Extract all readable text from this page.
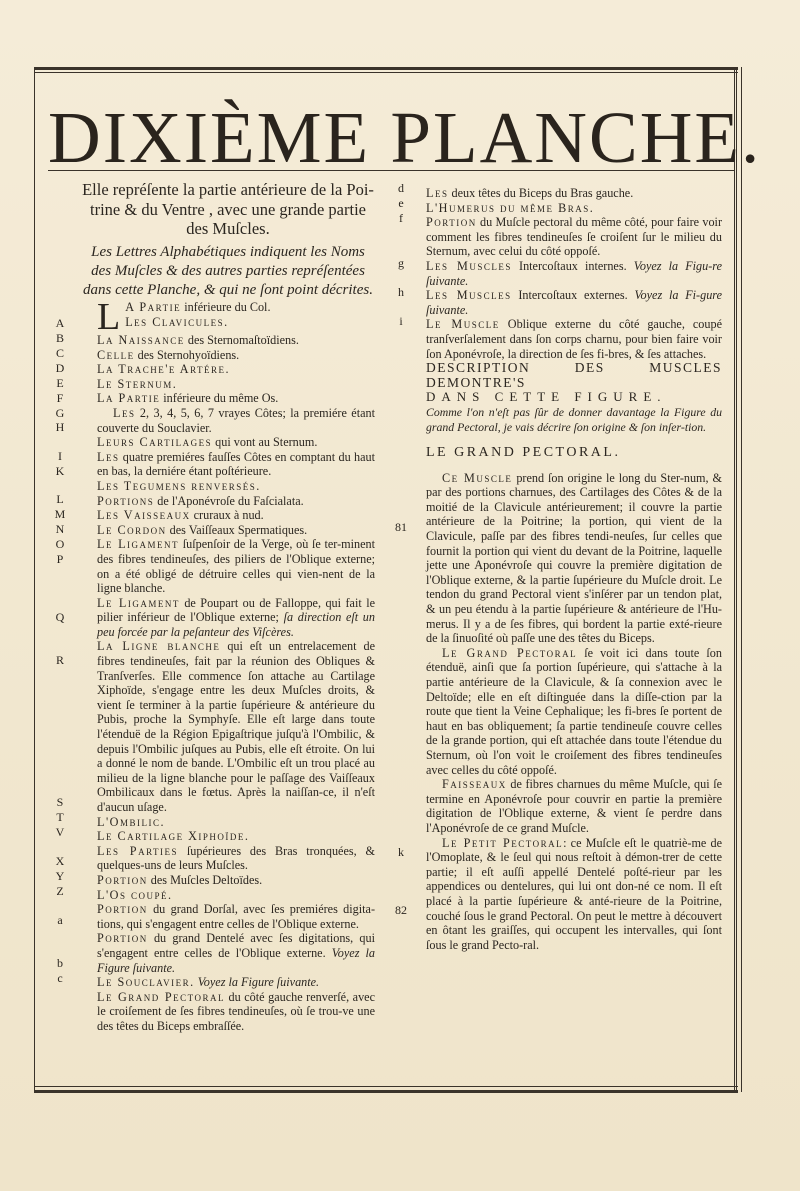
DIXIÈME PLANCHE.
Elle repréſente la partie antérieure de la Poi-trine & du Ventre , avec une grande partie des Muſcles.
Les Lettres Alphabétiques indiquent les Noms des Muſcles & des autres parties repréſentées dans cette Planche, & qui ne ſont point décrites.
A
B
C
D
E
F
G
H
I
K
L
M
N
O
P
Q
R
S
T
V
X
Y
Z
a
b
c
d
e
f
g
h
i
81
k
82

L A Partie inférieure du Col.

Les Clavicules.

La Naissance des Sternomaſtoïdiens.

Celle des Sternohyoïdiens.

La Trache'e Artére.

Le Sternum.

La Partie inférieure du même Os.

Les 2, 3, 4, 5, 6, 7 vrayes Côtes; la premiére étant couverte du Souclavier.

Leurs Cartilages qui vont au Sternum.

Les quatre premiéres fauſſes Côtes en comptant du haut en bas, la derniére étant poſtérieure.

Les Tegumens renverſés.

Portions de l'Aponévroſe du Faſcialata.

Les Vaisseaux cruraux à nud.

Le Cordon des Vaiſſeaux Spermatiques.

Le Ligament ſuſpenſoir de la Verge, où ſe ter-minent des fibres tendineuſes, des piliers de l'Oblique externe; on a été obligé de détruire celles qui vien-nent de la ligne blanche.

Le Ligament de Poupart ou de Falloppe, qui fait le pilier inférieur de l'Oblique externe; ſa direction eſt un peu forcée par la peſanteur des Viſcères.

La Ligne blanche qui eſt un entrelacement de fibres tendineuſes, fait par la réunion des Obliques & Tranſverſes. Elle commence ſon attache au Cartilage Xiphoïde, s'engage entre les deux Muſcles droits, & vient ſe terminer à la partie ſupérieure & antérieure du Pubis, proche la Symphyſe. Elle eſt large dans toute l'étenduë de la Région Epigaſtrique juſqu'à l'Ombilic, & depuis l'Ombilic juſques au Pubis, elle eſt étroite. On lui a donné le nom de bande. L'Ombilic eſt un trou placé au milieu de la ligne blanche pour le paſſage des Vaiſſeaux Ombilicaux dans le fœtus. Après la naiſſan-ce, il n'eſt d'aucun uſage.

L'Ombilic.

Le Cartilage Xiphoïde.

Les Parties ſupérieures des Bras tronquées, & quelques-uns de leurs Muſcles.

Portion des Muſcles Deltoïdes.

L'Os coupé.

Portion du grand Dorſal, avec ſes premiéres digita-tions, qui s'engagent entre celles de l'Oblique externe.

Portion du grand Dentelé avec ſes digitations, qui s'engagent entre celles de l'Oblique externe. Voyez la Figure ſuivante.

Le Souclavier. Voyez la Figure ſuivante.

Le Grand Pectoral du côté gauche renverſé, avec le croiſement de ſes fibres tendineuſes, où ſe trou-ve une des têtes du Biceps embraſſée.

Les deux têtes du Biceps du Bras gauche.

L'Humerus du même Bras.

Portion du Muſcle pectoral du même côté, pour faire voir comment les fibres tendineuſes ſe croiſent ſur le milieu du Sternum, avec celui du côté oppoſé.

Les Muscles Intercoſtaux internes. Voyez la Figu-re ſuivante.

Les Muscles Intercoſtaux externes. Voyez la Fi-gure ſuivante.

Le Muscle Oblique externe du côté gauche, coupé tranſverſalement dans ſon corps charnu, pour bien faire voir ſon Aponévroſe, la direction de ſes fi-bres, & ſes attaches.

DESCRIPTION DES MUSCLES DEMONTRE'S

DANS CETTE FIGURE.

Comme l'on n'eſt pas ſûr de donner davantage la Figure du grand Pectoral, je vais décrire ſon origine & ſon inſer-tion.

LE GRAND PECTORAL.

Ce Muscle prend ſon origine le long du Ster-num, & par des portions charnues, des Cartilages des Côtes & de la moitié de la Clavicule antérieurement; il couvre la partie antérieure de la Poitrine; la portion, qui vient de la Clavicule, paſſe par des fibres tendi-neuſes, ſur celles que fournit la portion qui vient du devant de la Poitrine, laquelle jette une Aponévroſe qui couvre la première digitation de l'Oblique externe, & la partie ſupérieure du Muſcle droit. Le tendon du grand Pectoral vient s'inſérer par un tendon plat, & un peu étendu à la partie ſupérieure & antérieure de l'Hu-merus. Il y a de ſes fibres, qui bordent la partie exté-rieure de la ſinuoſité où paſſe une des têtes du Biceps.

Le Grand Pectoral ſe voit ici dans toute ſon étenduë, ainſi que ſa portion ſupérieure, qui s'attache à la partie antérieure de la Clavicule, & ſa connexion avec le Deltoïde; elle en eſt diſtinguée dans la diſſe-ction par la route que tient la Veine Cephalique; les fi-bres ſe portent de haut en bas obliquement; ſa partie tendineuſe couvre celles de la grande portion, qui eſt attachée dans toute l'étendue du Sternum, où l'on voit le croiſement des fibres tendineuſes avec celles du côté oppoſé.

Faisseaux de fibres charnues du même Muſcle, qui ſe termine en Aponévroſe pour couvrir en partie la première digitation de l'Oblique externe, & vient ſe perdre dans l'Aponévroſe de ce grand Muſcle.

Le Petit Pectoral: ce Muſcle eſt le quatriè-me de l'Omoplate, & le ſeul qui nous reſtoit à démon-trer de cette partie; il eſt auſſi appellé Dentelé poſté-rieur par les appendices ou dentelures, qui lui ont don-né ce nom. Il eſt placé à la partie ſupérieure & anté-rieure de la Poitrine, couché ſous le grand Pectoral. On peut le mettre à découvert en ôtant les graiſſes, qui occupent les intervalles, qui ſont ſous le grand Pecto-ral.
